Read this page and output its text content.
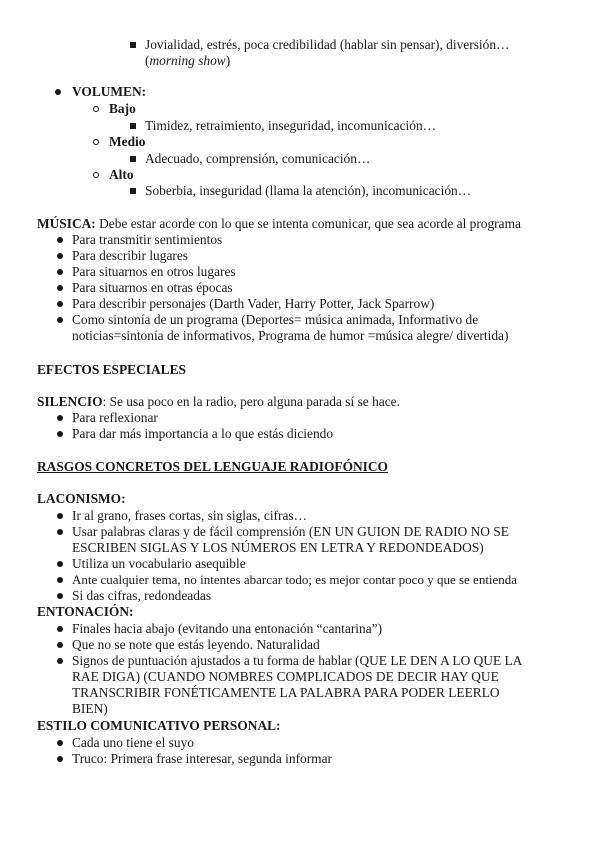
Jovialidad, estrés, poca credibilidad (hablar sin pensar), diversión…
(morning show)
VOLUMEN:
Bajo
Timidez, retraimiento, inseguridad, incomunicación…
Medio
Adecuado, comprensión, comunicación…
Alto
Soberbia, inseguridad (llama la atención), incomunicación…
MÚSICA: Debe estar acorde con lo que se intenta comunicar, que sea acorde al programa
Para transmitir sentimientos
Para describir lugares
Para situarnos en otros lugares
Para situarnos en otras épocas
Para describir personajes (Darth Vader, Harry Potter, Jack Sparrow)
Como sintonía de un programa (Deportes= música animada, Informativo de
noticias=sintonía de informativos, Programa de humor =música alegre/ divertida)
EFECTOS ESPECIALES
SILENCIO: Se usa poco en la radio, pero alguna parada sí se hace.
Para reflexionar
Para dar más importancia a lo que estás diciendo
RASGOS CONCRETOS DEL LENGUAJE RADIOFÓNICO
LACONISMO:
Ir al grano, frases cortas, sin siglas, cifras…
Usar palabras claras y de fácil comprensión (EN UN GUION DE RADIO NO SE
ESCRIBEN SIGLAS Y LOS NÚMEROS EN LETRA Y REDONDEADOS)
Utiliza un vocabulario asequible
Ante cualquier tema, no intentes abarcar todo; es mejor contar poco y que se entienda
Si das cifras, redondeadas
ENTONACIÓN:
Finales hacia abajo (evitando una entonación “cantarina”)
Que no se note que estás leyendo. Naturalidad
Signos de puntuación ajustados a tu forma de hablar (QUE LE DEN A LO QUE LA
RAE DIGA) (CUANDO NOMBRES COMPLICADOS DE DECIR HAY QUE
TRANSCRIBIR FONÉTICAMENTE LA PALABRA PARA PODER LEERLO
BIEN)
ESTILO COMUNICATIVO PERSONAL:
Cada uno tiene el suyo
Truco: Primera frase interesar, segunda informar
